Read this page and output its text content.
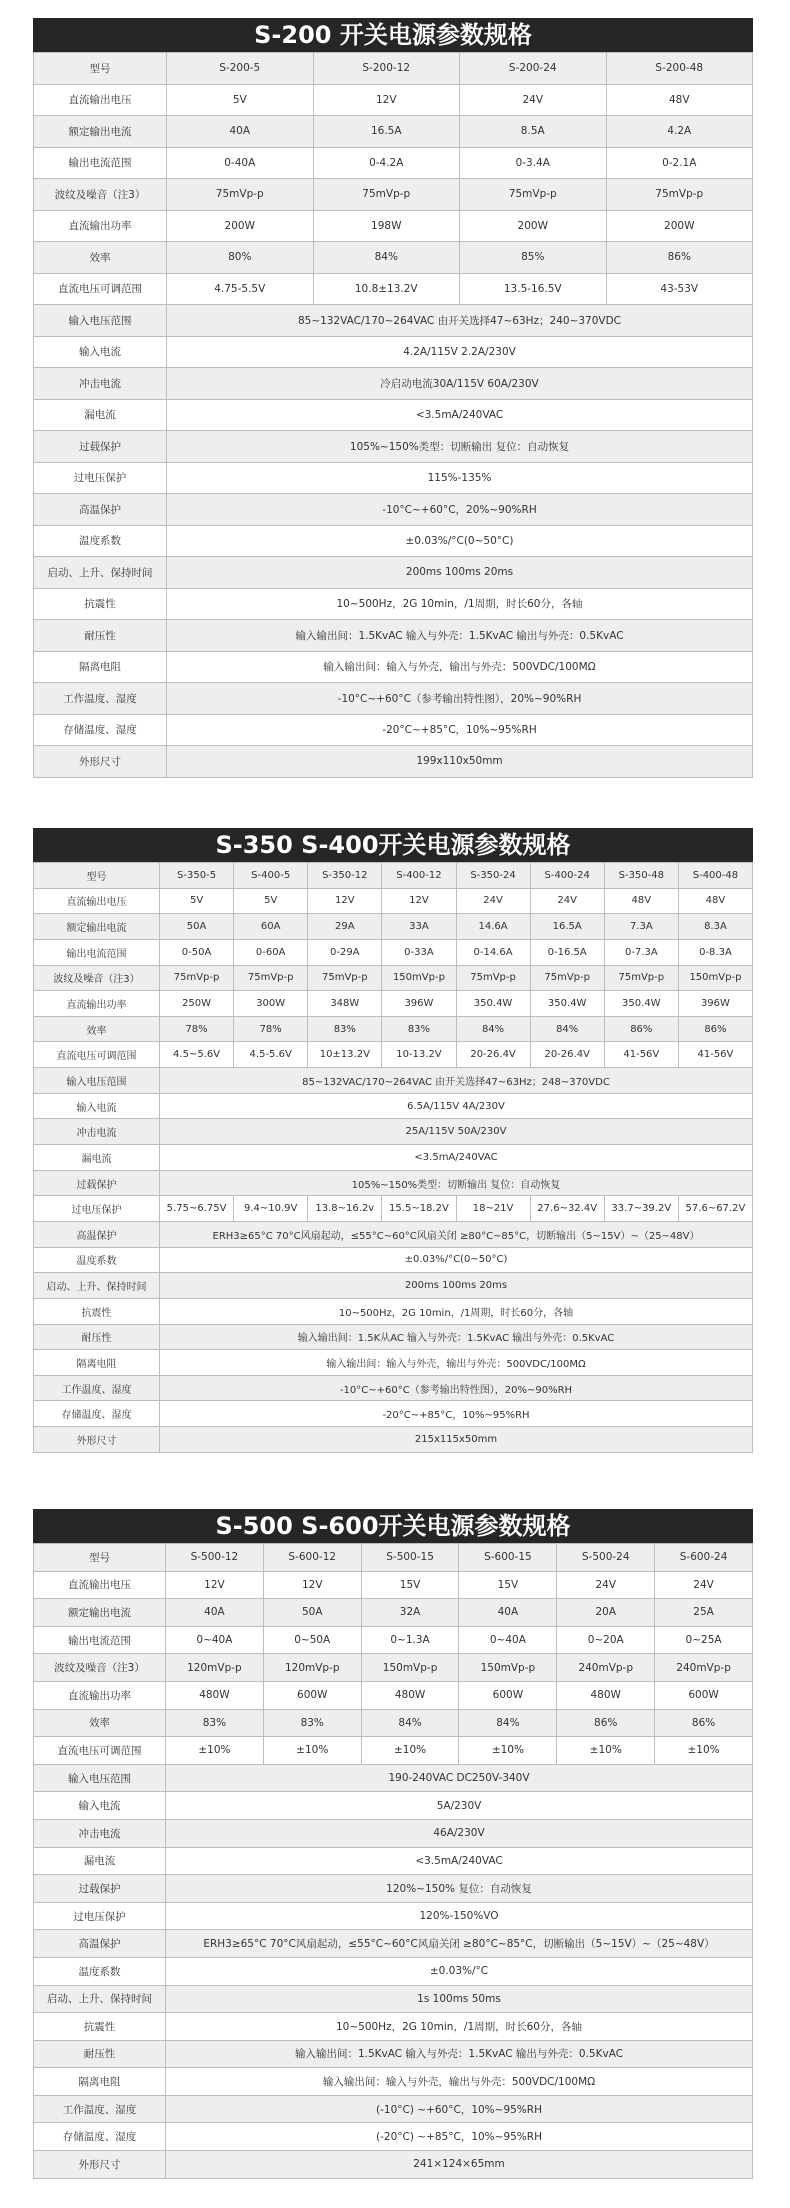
S-200 开关电源参数规格
型号	S-200-5	S-200-12	S-200-24	S-200-48
直流输出电压	5V	12V	24V	48V
额定输出电流	40A	16.5A	8.5A	4.2A
输出电流范围	0-40A	0-4.2A	0-3.4A	0-2.1A
波纹及噪音（注3）	75mVp-p	75mVp-p	75mVp-p	75mVp-p
直流输出功率	200W	198W	200W	200W
效率	80%	84%	85%	86%
直流电压可调范围	4.75-5.5V	10.8±13.2V	13.5-16.5V	43-53V
输入电压范围	85~132VAC/170~264VAC 由开关选择47~63Hz；240~370VDC			
输入电流	4.2A/115V 2.2A/230V			
冲击电流	冷启动电流30A/115V 60A/230V			
漏电流	<3.5mA/240VAC			
过载保护	105%~150%类型：切断输出 复位：自动恢复			
过电压保护	115%-135%			
高温保护	-10°C~+60°C，20%~90%RH			
温度系数	±0.03%/°C(0~50°C)			
启动、上升、保持时间	200ms 100ms 20ms			
抗震性	10~500Hz，2G 10min，/1周期，时长60分，各轴			
耐压性	输入输出间：1.5KvAC 输入与外壳：1.5KvAC 输出与外壳：0.5KvAC			
隔离电阻	输入输出间：输入与外壳，输出与外壳：500VDC/100MΩ			
工作温度、湿度	-10°C~+60°C（参考输出特性图），20%~90%RH			
存储温度、湿度	-20°C~+85°C，10%~95%RH			
外形尺寸	199x110x50mm			
S-350 S-400开关电源参数规格
型号	S-350-5	S-400-5	S-350-12	S-400-12	S-350-24	S-400-24	S-350-48	S-400-48
直流输出电压	5V	5V	12V	12V	24V	24V	48V	48V
额定输出电流	50A	60A	29A	33A	14.6A	16.5A	7.3A	8.3A
输出电流范围	0-50A	0-60A	0-29A	0-33A	0-14.6A	0-16.5A	0-7.3A	0-8.3A
波纹及噪音（注3）	75mVp-p	75mVp-p	75mVp-p	150mVp-p	75mVp-p	75mVp-p	75mVp-p	150mVp-p
直流输出功率	250W	300W	348W	396W	350.4W	350.4W	350.4W	396W
效率	78%	78%	83%	83%	84%	84%	86%	86%
直流电压可调范围	4.5~5.6V	4.5-5.6V	10±13.2V	10-13.2V	20-26.4V	20-26.4V	41-56V	41-56V
输入电压范围	85~132VAC/170~264VAC 由开关选择47~63Hz；248~370VDC							
输入电流	6.5A/115V 4A/230V							
冲击电流	25A/115V 50A/230V							
漏电流	<3.5mA/240VAC							
过载保护	105%~150%类型：切断输出 复位：自动恢复							
过电压保护	5.75~6.75V	9.4~10.9V	13.8~16.2v	15.5~18.2V	18~21V	27.6~32.4V	33.7~39.2V	57.6~67.2V
高温保护	ERH3≥65°C 70°C风扇起动，≤55°C~60°C风扇关闭 ≥80°C~85°C，切断输出（5~15V）~（25~48V）							
温度系数	±0.03%/°C(0~50°C)							
启动、上升、保持时间	200ms 100ms 20ms							
抗震性	10~500Hz，2G 10min，/1周期，时长60分，各轴							
耐压性	输入输出间：1.5K从AC 输入与外壳：1.5KvAC 输出与外壳：0.5KvAC							
隔离电阻	输入输出间：输入与外壳，输出与外壳：500VDC/100MΩ							
工作温度、湿度	-10°C~+60°C（参考输出特性图），20%~90%RH							
存储温度、湿度	-20°C~+85°C，10%~95%RH							
外形尺寸	215x115x50mm							
S-500 S-600开关电源参数规格
型号	S-500-12	S-600-12	S-500-15	S-600-15	S-500-24	S-600-24
直流输出电压	12V	12V	15V	15V	24V	24V
额定输出电流	40A	50A	32A	40A	20A	25A
输出电流范围	0~40A	0~50A	0~1.3A	0~40A	0~20A	0~25A
波纹及噪音（注3）	120mVp-p	120mVp-p	150mVp-p	150mVp-p	240mVp-p	240mVp-p
直流输出功率	480W	600W	480W	600W	480W	600W
效率	83%	83%	84%	84%	86%	86%
直流电压可调范围	±10%	±10%	±10%	±10%	±10%	±10%
输入电压范围	190-240VAC DC250V-340V					
输入电流	5A/230V					
冲击电流	46A/230V					
漏电流	<3.5mA/240VAC					
过载保护	120%~150% 复位：自动恢复					
过电压保护	120%-150%VO					
高温保护	ERH3≥65°C 70°C风扇起动，≤55°C~60°C风扇关闭 ≥80°C~85°C，切断输出（5~15V）~（25~48V）					
温度系数	±0.03%/°C					
启动、上升、保持时间	1s 100ms 50ms					
抗震性	10~500Hz，2G 10min，/1周期，时长60分，各轴					
耐压性	输入输出间：1.5KvAC 输入与外壳：1.5KvAC 输出与外壳：0.5KvAC					
隔离电阻	输入输出间：输入与外壳，输出与外壳：500VDC/100MΩ					
工作温度、湿度	(-10°C) ~+60°C，10%~95%RH					
存储温度、湿度	(-20°C) ~+85°C，10%~95%RH					
外形尺寸	241×124×65mm					
